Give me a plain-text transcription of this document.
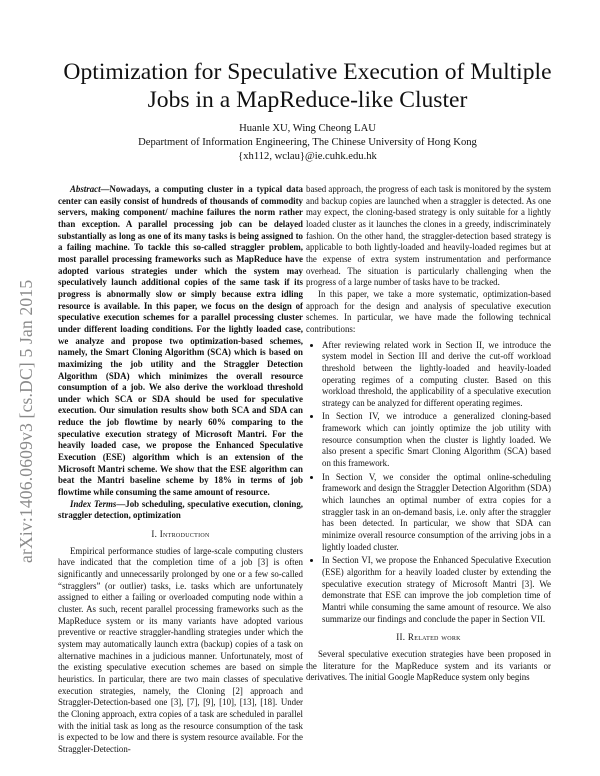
arXiv:1406.0609v3 [cs.DC] 5 Jan 2015
Optimization for Speculative Execution of Multiple Jobs in a MapReduce-like Cluster
Huanle XU, Wing Cheong LAU
Department of Information Engineering, The Chinese University of Hong Kong
{xh112, wclau}@ie.cuhk.edu.hk

Abstract—Nowadays, a computing cluster in a typical data center can easily consist of hundreds of thousands of commodity servers, making component/ machine failures the norm rather than exception. A parallel processing job can be delayed substantially as long as one of its many tasks is being assigned to a failing machine. To tackle this so-called straggler problem, most parallel processing frameworks such as MapReduce have adopted various strategies under which the system may speculatively launch additional copies of the same task if its progress is abnormally slow or simply because extra idling resource is available. In this paper, we focus on the design of speculative execution schemes for a parallel processing cluster under different loading conditions. For the lightly loaded case, we analyze and propose two optimization-based schemes, namely, the Smart Cloning Algorithm (SCA) which is based on maximizing the job utility and the Straggler Detection Algorithm (SDA) which minimizes the overall resource consumption of a job. We also derive the workload threshold under which SCA or SDA should be used for speculative execution. Our simulation results show both SCA and SDA can reduce the job flowtime by nearly 60% comparing to the speculative execution strategy of Microsoft Mantri. For the heavily loaded case, we propose the Enhanced Speculative Execution (ESE) algorithm which is an extension of the Microsoft Mantri scheme. We show that the ESE algorithm can beat the Mantri baseline scheme by 18% in terms of job flowtime while consuming the same amount of resource.

Index Terms—Job scheduling, speculative execution, cloning, straggler detection, optimization

I. Introduction

Empirical performance studies of large-scale computing clusters have indicated that the completion time of a job [3] is often significantly and unnecessarily prolonged by one or a few so-called “stragglers” (or outlier) tasks, i.e. tasks which are unfortunately assigned to either a failing or overloaded computing node within a cluster. As such, recent parallel processing frameworks such as the MapReduce system or its many variants have adopted various preventive or reactive straggler-handling strategies under which the system may automatically launch extra (backup) copies of a task on alternative machines in a judicious manner. Unfortunately, most of the existing speculative execution schemes are based on simple heuristics. In particular, there are two main classes of speculative execution strategies, namely, the Cloning [2] approach and Straggler-Detection-based one [3], [7], [9], [10], [13], [18]. Under the Cloning approach, extra copies of a task are scheduled in parallel with the initial task as long as the resource consumption of the task is expected to be low and there is system resource available. For the Straggler-Detection-

based approach, the progress of each task is monitored by the system and backup copies are launched when a straggler is detected. As one may expect, the cloning-based strategy is only suitable for a lightly loaded cluster as it launches the clones in a greedy, indiscriminately fashion. On the other hand, the straggler-detection based strategy is applicable to both lightly-loaded and heavily-loaded regimes but at the expense of extra system instrumentation and performance overhead. The situation is particularly challenging when the progress of a large number of tasks have to be tracked.

In this paper, we take a more systematic, optimization-based approach for the design and analysis of speculative execution schemes. In particular, we have made the following technical contributions:

• After reviewing related work in Section II, we introduce the system model in Section III and derive the cut-off workload threshold between the lightly-loaded and heavily-loaded operating regimes of a computing cluster. Based on this workload threshold, the applicability of a speculative execution strategy can be analyzed for different operating regimes.
• In Section IV, we introduce a generalized cloning-based framework which can jointly optimize the job utility with resource consumption when the cluster is lightly loaded. We also present a specific Smart Cloning Algorithm (SCA) based on this framework.
• In Section V, we consider the optimal online-scheduling framework and design the Straggler Detection Algorithm (SDA) which launches an optimal number of extra copies for a straggler task in an on-demand basis, i.e. only after the straggler has been detected. In particular, we show that SDA can minimize overall resource consumption of the arriving jobs in a lightly loaded cluster.
• In Section VI, we propose the Enhanced Speculative Execution (ESE) algorithm for a heavily loaded cluster by extending the speculative execution strategy of Microsoft Mantri [3]. We demonstrate that ESE can improve the job completion time of Mantri while consuming the same amount of resource. We also summarize our findings and conclude the paper in Section VII.
II. Related work

Several speculative execution strategies have been proposed in the literature for the MapReduce system and its variants or derivatives. The initial Google MapReduce system only begins
